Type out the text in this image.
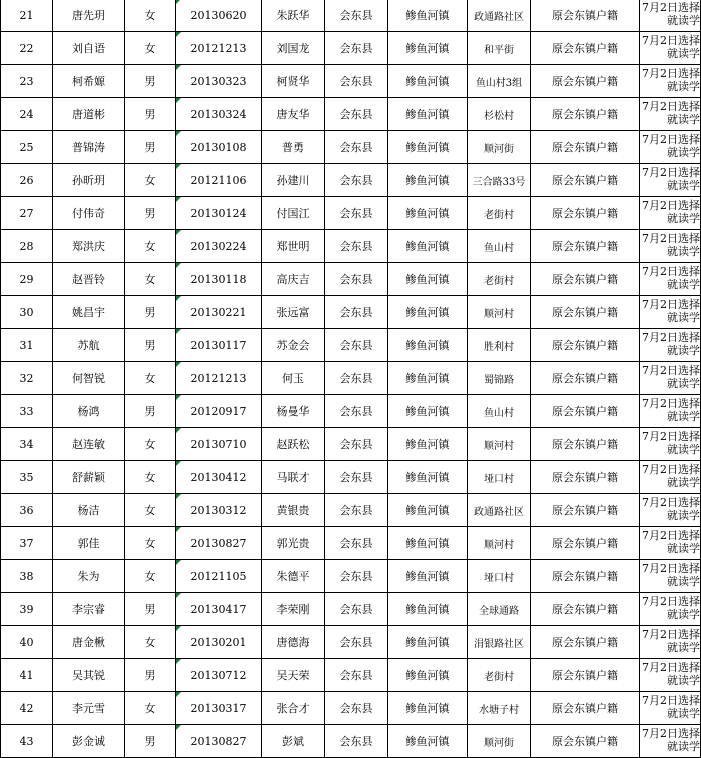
21	唐先玥	女	20130620	朱跃华	会东县	鲹鱼河镇	政通路社区	原会东镇户籍	7月2日选择就读学
22	刘自语	女	20121213	刘国龙	会东县	鲹鱼河镇	和平街	原会东镇户籍	7月2日选择就读学
23	柯希嫄	男	20130323	柯贤华	会东县	鲹鱼河镇	鱼山村3组	原会东镇户籍	7月2日选择就读学
24	唐道彬	男	20130324	唐友华	会东县	鲹鱼河镇	杉松村	原会东镇户籍	7月2日选择就读学
25	普锦涛	男	20130108	普勇	会东县	鲹鱼河镇	顺河街	原会东镇户籍	7月2日选择就读学
26	孙昕玥	女	20121106	孙建川	会东县	鲹鱼河镇	三合路33号	原会东镇户籍	7月2日选择就读学
27	付伟奇	男	20130124	付国江	会东县	鲹鱼河镇	老街村	原会东镇户籍	7月2日选择就读学
28	郑洪庆	女	20130224	郑世明	会东县	鲹鱼河镇	鱼山村	原会东镇户籍	7月2日选择就读学
29	赵晋铃	女	20130118	高庆吉	会东县	鲹鱼河镇	老街村	原会东镇户籍	7月2日选择就读学
30	姚昌宇	男	20130221	张远富	会东县	鲹鱼河镇	顺河村	原会东镇户籍	7月2日选择就读学
31	苏航	男	20130117	苏金会	会东县	鲹鱼河镇	胜利村	原会东镇户籍	7月2日选择就读学
32	何智锐	女	20121213	何玉	会东县	鲹鱼河镇	蜀锦路	原会东镇户籍	7月2日选择就读学
33	杨鸿	男	20120917	杨曼华	会东县	鲹鱼河镇	鱼山村	原会东镇户籍	7月2日选择就读学
34	赵连敏	女	20130710	赵跃松	会东县	鲹鱼河镇	顺河村	原会东镇户籍	7月2日选择就读学
35	舒薪颖	女	20130412	马联才	会东县	鲹鱼河镇	垭口村	原会东镇户籍	7月2日选择就读学
36	杨洁	女	20130312	黄银贵	会东县	鲹鱼河镇	政通路社区	原会东镇户籍	7月2日选择就读学
37	郭佳	女	20130827	郭光贵	会东县	鲹鱼河镇	顺河村	原会东镇户籍	7月2日选择就读学
38	朱为	女	20121105	朱德平	会东县	鲹鱼河镇	垭口村	原会东镇户籍	7月2日选择就读学
39	李宗睿	男	20130417	李荣刚	会东县	鲹鱼河镇	全球通路	原会东镇户籍	7月2日选择就读学
40	唐金楸	女	20130201	唐德海	会东县	鲹鱼河镇	涓银路社区	原会东镇户籍	7月2日选择就读学
41	吴其锐	男	20130712	吴天荣	会东县	鲹鱼河镇	老街村	原会东镇户籍	7月2日选择就读学
42	李元雪	女	20130317	张合才	会东县	鲹鱼河镇	水塘子村	原会东镇户籍	7月2日选择就读学
43	彭金诚	男	20130827	彭斌	会东县	鲹鱼河镇	顺河街	原会东镇户籍	7月2日选择就读学
